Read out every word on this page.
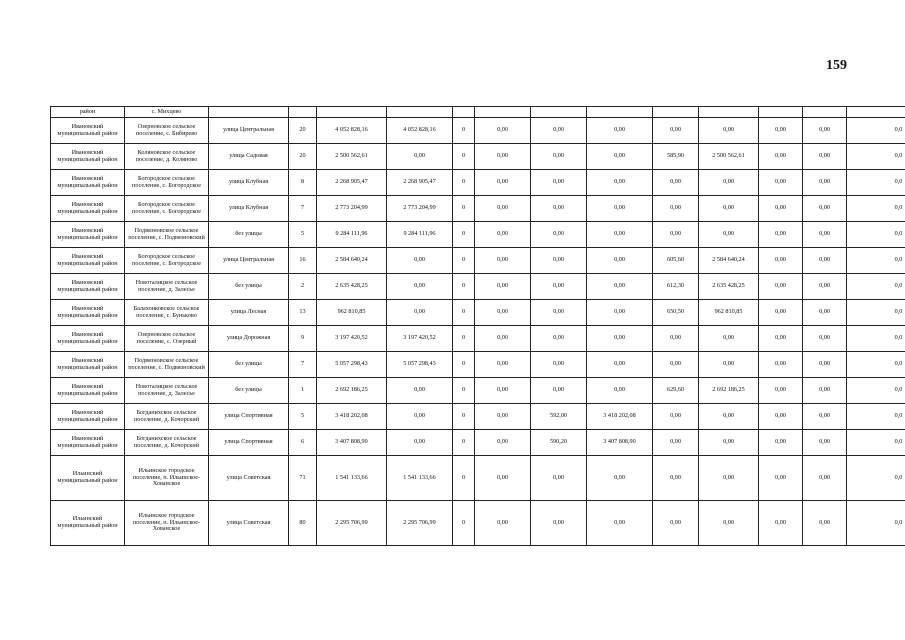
159
район	с. Михцево													
Ивановский муниципальный район	Озерновское сельское поселение, с. Бибирево	улица Центральная	20	4 052 828,16	4 052 828,16	0	0,00	0,00	0,00	0,00	0,00	0,00	0,00	0,0
Ивановский муниципальный район	Коляновское сельское поселение, д. Коляново	улица Садовая	20	2 500 562,61	0,00	0	0,00	0,00	0,00	585,90	2 500 562,61	0,00	0,00	0,0
Ивановский муниципальный район	Богородское сельское поселение, с. Богородское	улица Клубная	8	2 268 905,47	2 268 905,47	0	0,00	0,00	0,00	0,00	0,00	0,00	0,00	0,0
Ивановский муниципальный район	Богородское сельское поселение, с. Богородское	улица Клубная	7	2 773 204,99	2 773 204,99	0	0,00	0,00	0,00	0,00	0,00	0,00	0,00	0,0
Ивановский муниципальный район	Подвязновское сельское поселение, с. Подвязновский	без улицы	5	9 284 111,96	9 284 111,96	0	0,00	0,00	0,00	0,00	0,00	0,00	0,00	0,0
Ивановский муниципальный район	Богородское сельское поселение, с. Богородское	улица Центральная	16	2 584 640,24	0,00	0	0,00	0,00	0,00	605,60	2 584 640,24	0,00	0,00	0,0
Ивановский муниципальный район	Новоталицкое сельское поселение, д. Залесье	без улицы	2	2 635 428,25	0,00	0	0,00	0,00	0,00	612,30	2 635 428,25	0,00	0,00	0,0
Ивановский муниципальный район	Балахонковское сельское поселение, с. Буньково	улица Лесная	13	962 810,85	0,00	0	0,00	0,00	0,00	650,50	962 810,85	0,00	0,00	0,0
Ивановский муниципальный район	Озерновское сельское поселение, с. Озерный	улица Дорожная	9	3 197 420,52	3 197 420,52	0	0,00	0,00	0,00	0,00	0,00	0,00	0,00	0,0
Ивановский муниципальный район	Подвязновское сельское поселение, с. Подвязновский	без улицы	7	5 057 298,43	5 057 298,43	0	0,00	0,00	0,00	0,00	0,00	0,00	0,00	0,0
Ивановский муниципальный район	Новоталицкое сельское поселение, д. Залесье	без улицы	1	2 692 186,25	0,00	0	0,00	0,00	0,00	629,60	2 692 186,25	0,00	0,00	0,0
Ивановский муниципальный район	Богданихское сельское поселение, д. Кочорский	улица Спортивная	5	3 418 202,08	0,00	0	0,00	592,00	3 418 202,08	0,00	0,00	0,00	0,00	0,0
Ивановский муниципальный район	Богданихское сельское поселение, д. Кочорский	улица Спортивная	6	3 407 808,90	0,00	0	0,00	590,20	3 407 808,90	0,00	0,00	0,00	0,00	0,0
Ильинский муниципальный район	Ильинское городское поселение, п. Ильинское-Хованское	улица Советская	71	1 541 133,66	1 541 133,66	0	0,00	0,00	0,00	0,00	0,00	0,00	0,00	0,0
Ильинский муниципальный район	Ильинское городское поселение, п. Ильинское-Хованское	улица Советская	80	2 295 706,99	2 295 706,99	0	0,00	0,00	0,00	0,00	0,00	0,00	0,00	0,0
